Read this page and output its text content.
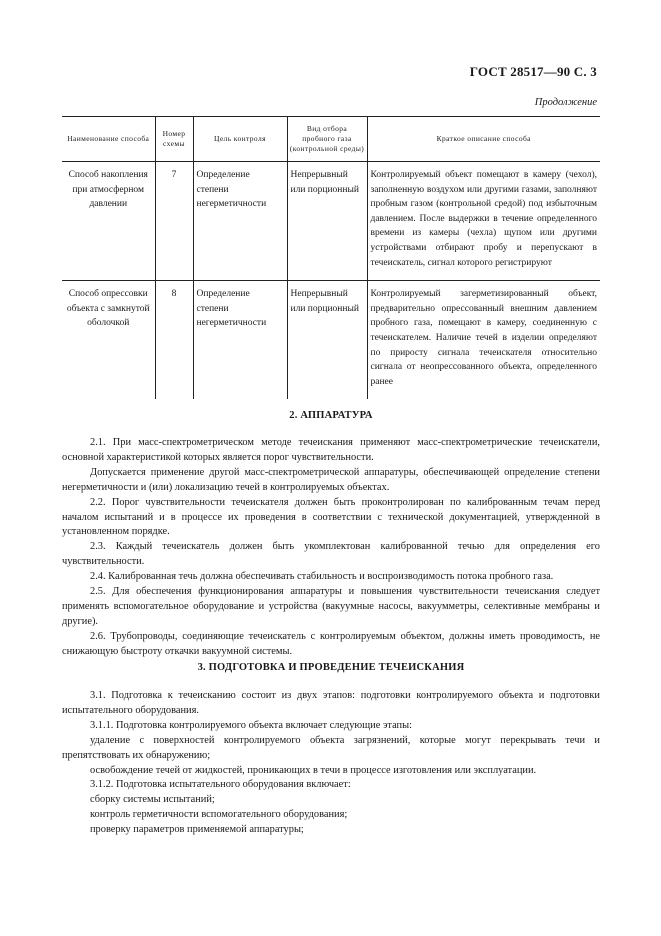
ГОСТ 28517—90 С. 3
Продолжение
Наименование способа	Номер схемы	Цель контроля	Вид отбора пробного газа (контрольной среды)	Краткое описание способа
Способ накопления при атмосферном давлении	7	Определение степени негерметичности	Непрерывный или порционный	Контролируемый объект помещают в камеру (чехол), заполненную воздухом или другими газами, заполняют пробным газом (контрольной средой) под избыточным давлением. После выдержки в течение определенного времени из камеры (чехла) щупом или другими устройствами отбирают пробу и перепускают в течеискатель, сигнал которого регистрируют
Способ опрессовки объекта с замкнутой оболочкой	8	Определение степени негерметичности	Непрерывный или порционный	Контролируемый загерметизированный объект, предварительно опрессованный внешним давлением пробного газа, помещают в камеру, соединенную с течеискателем. Наличие течей в изделии определяют по приросту сигнала течеискателя относительно сигнала от неопрессованного объекта, определенного ранее
2. АППАРАТУРА

2.1. При масс-спектрометрическом методе течеискания применяют масс-спектрометрические течеискатели, основной характеристикой которых является порог чувствительности.

Допускается применение другой масс-спектрометрической аппаратуры, обеспечивающей определение степени негерметичности и (или) локализацию течей в контролируемых объектах.

2.2. Порог чувствительности течеискателя должен быть проконтролирован по калиброванным течам перед началом испытаний и в процессе их проведения в соответствии с технической документацией, утвержденной в установленном порядке.

2.3. Каждый течеискатель должен быть укомплектован калиброванной течью для определения его чувствительности.

2.4. Калиброванная течь должна обеспечивать стабильность и воспроизводимость потока пробного газа.

2.5. Для обеспечения функционирования аппаратуры и повышения чувствительности течеискания следует применять вспомогательное оборудование и устройства (вакуумные насосы, вакуумметры, селективные мембраны и другие).

2.6. Трубопроводы, соединяющие течеискатель с контролируемым объектом, должны иметь проводимость, не снижающую быстроту откачки вакуумной системы.

3. ПОДГОТОВКА И ПРОВЕДЕНИЕ ТЕЧЕИСКАНИЯ

3.1. Подготовка к течеисканию состоит из двух этапов: подготовки контролируемого объекта и подготовки испытательного оборудования.

3.1.1. Подготовка контролируемого объекта включает следующие этапы:

удаление с поверхностей контролируемого объекта загрязнений, которые могут перекрывать течи и препятствовать их обнаружению;

освобождение течей от жидкостей, проникающих в течи в процессе изготовления или эксплуатации.

3.1.2. Подготовка испытательного оборудования включает:

сборку системы испытаний;

контроль герметичности вспомогательного оборудования;

проверку параметров применяемой аппаратуры;
